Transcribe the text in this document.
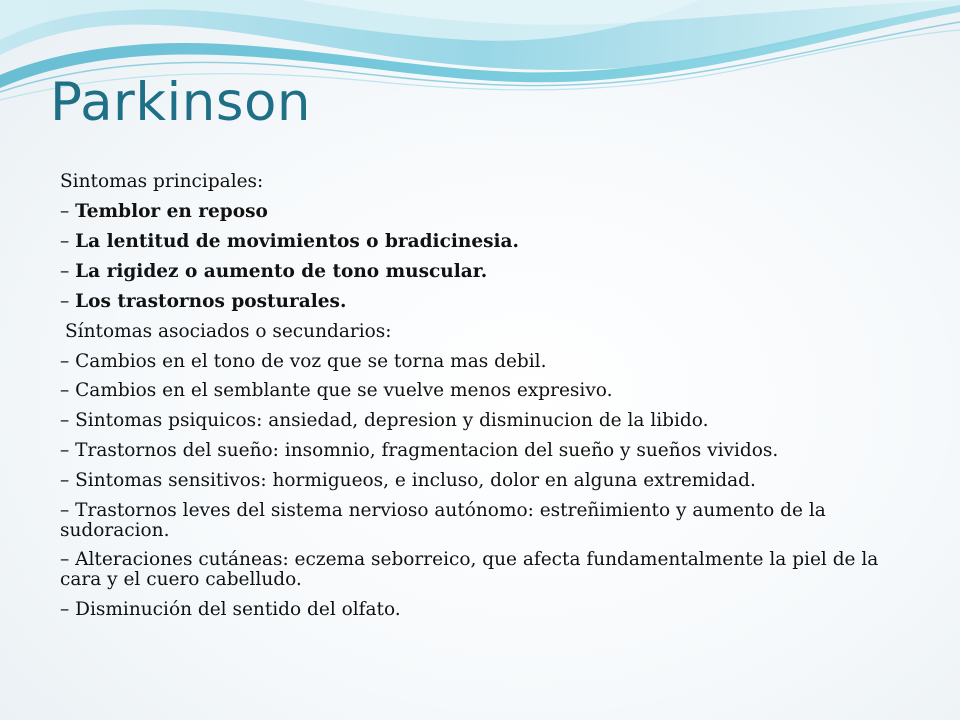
Parkinson

Sintomas principales:

– Temblor en reposo

– La lentitud de movimientos o bradicinesia.

– La rigidez o aumento de tono muscular.

– Los trastornos posturales.

Síntomas asociados o secundarios:

– Cambios en el tono de voz que se torna mas debil.

– Cambios en el semblante que se vuelve menos expresivo.

– Sintomas psiquicos: ansiedad, depresion y disminucion de la libido.

– Trastornos del sueño: insomnio, fragmentacion del sueño y sueños vividos.

– Sintomas sensitivos: hormigueos, e incluso, dolor en alguna extremidad.

– Trastornos leves del sistema nervioso autónomo: estreñimiento y aumento de la sudoracion.

– Alteraciones cutáneas: eczema seborreico, que afecta fundamentalmente la piel de la cara y el cuero cabelludo.

– Disminución del sentido del olfato.
